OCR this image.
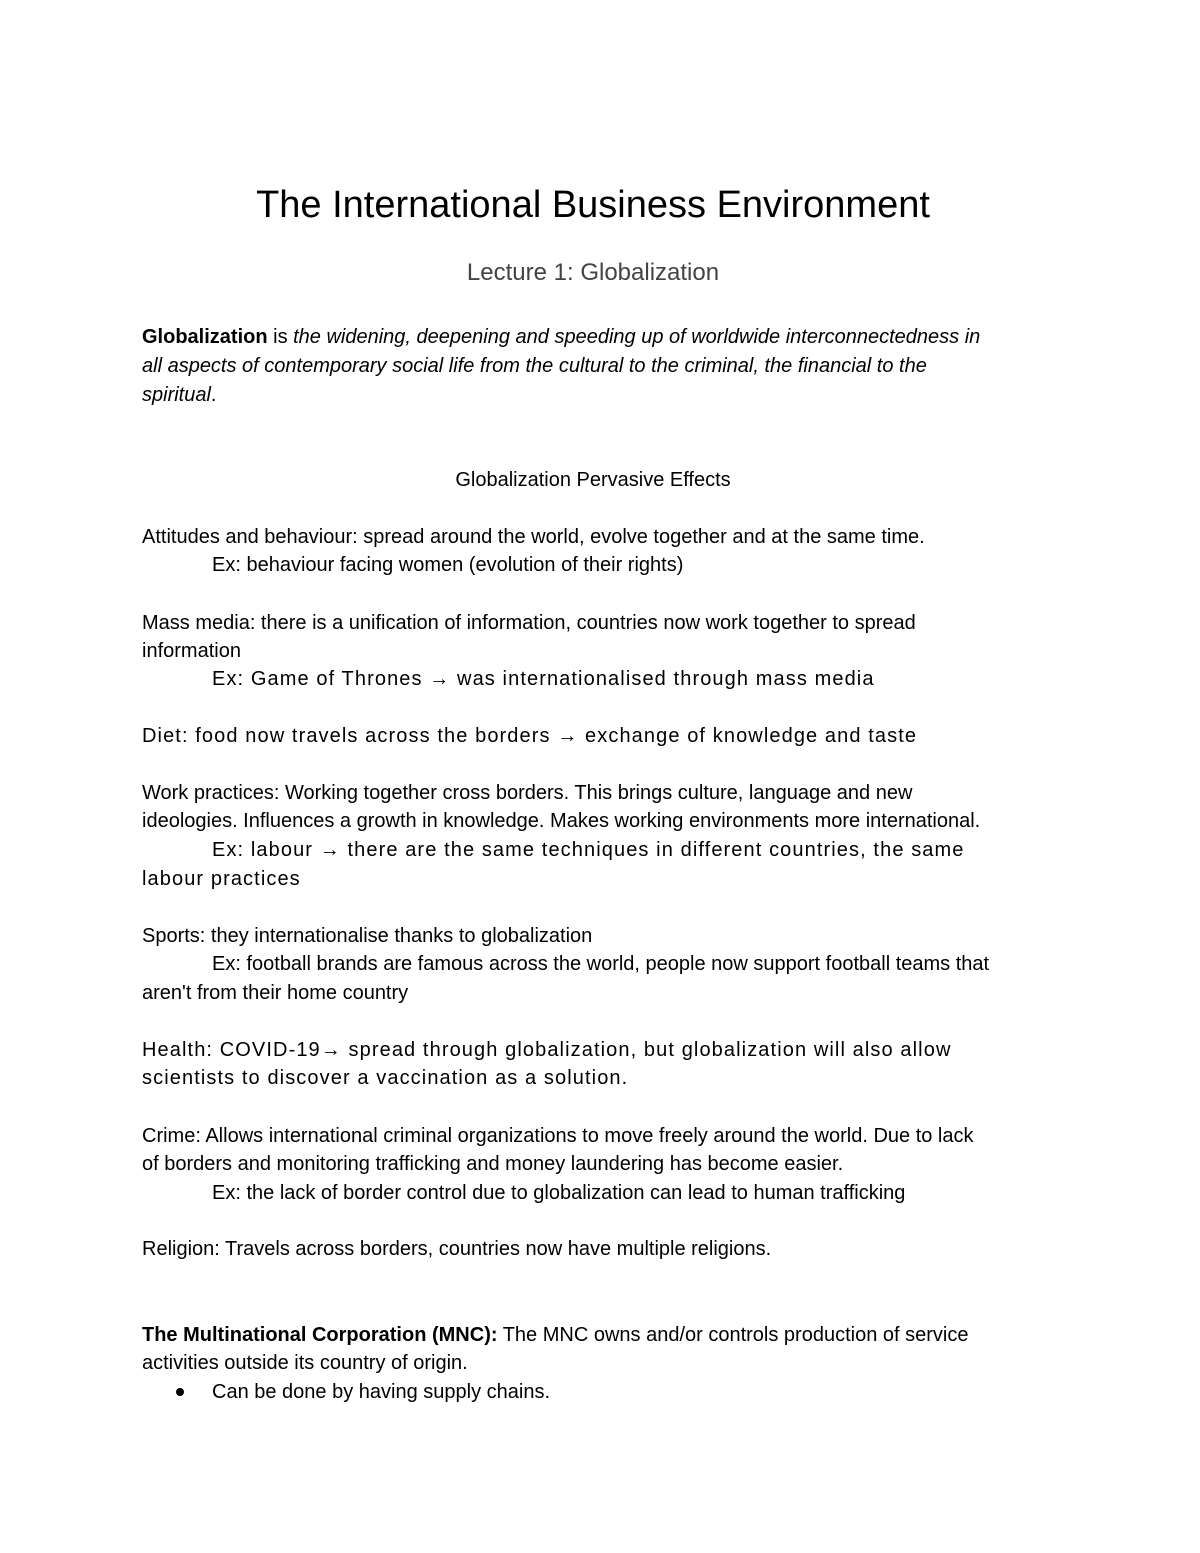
The International Business Environment
Lecture 1: Globalization
Globalization is the widening, deepening and speeding up of worldwide interconnectedness in
all aspects of contemporary social life from the cultural to the criminal, the financial to the
spiritual.
Globalization Pervasive Effects
Attitudes and behaviour: spread around the world, evolve together and at the same time.
Ex: behaviour facing women (evolution of their rights)
Mass media: there is a unification of information, countries now work together to spread
information
Ex: Game of Thrones → was internationalised through mass media
Diet: food now travels across the borders → exchange of knowledge and taste
Work practices: Working together cross borders. This brings culture, language and new
ideologies. Influences a growth in knowledge. Makes working environments more international.
Ex: labour → there are the same techniques in different countries, the same
labour practices
Sports: they internationalise thanks to globalization
Ex: football brands are famous across the world, people now support football teams that
aren't from their home country
Health: COVID-19→ spread through globalization, but globalization will also allow
scientists to discover a vaccination as a solution.
Crime: Allows international criminal organizations to move freely around the world. Due to lack
of borders and monitoring trafficking and money laundering has become easier.
Ex: the lack of border control due to globalization can lead to human trafficking
Religion: Travels across borders, countries now have multiple religions.
The Multinational Corporation (MNC): The MNC owns and/or controls production of service
activities outside its country of origin.
Can be done by having supply chains.
